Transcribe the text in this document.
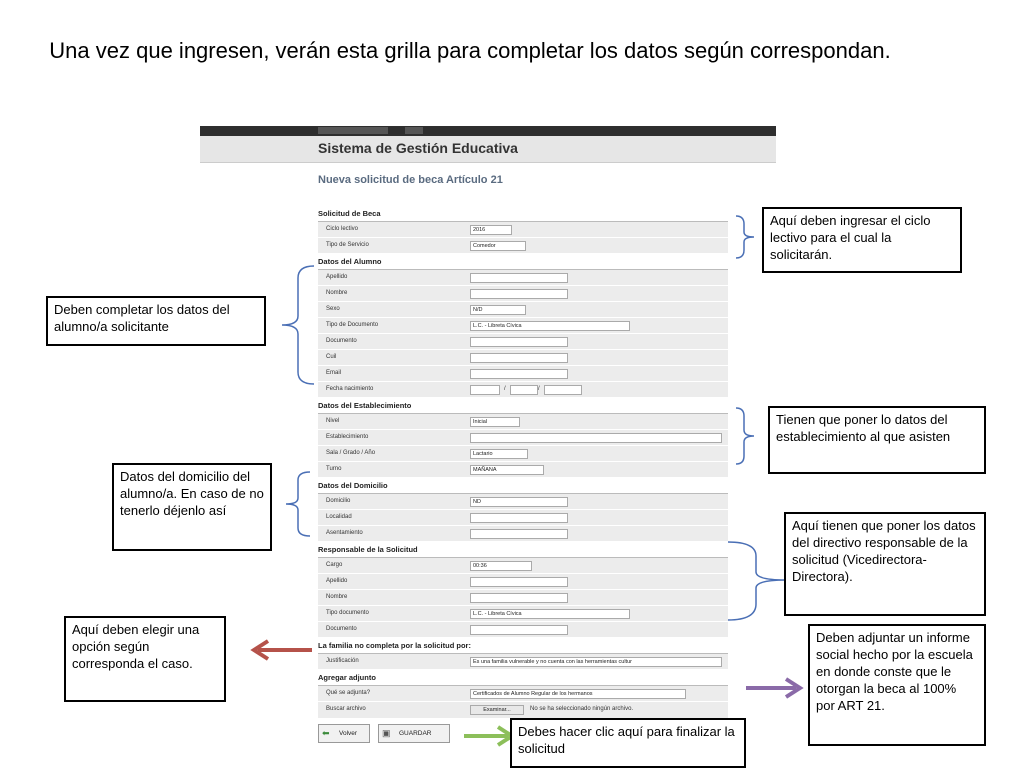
Una vez que ingresen, verán esta grilla para completar los datos según correspondan.
Sistema de Gestión Educativa
Nueva solicitud de beca Artículo 21
Solicitud de Beca
Ciclo lectivo	2016
Tipo de Servicio	Comedor
Datos del Alumno
Apellido
Nombre
Sexo	N/D
Tipo de Documento	L.C. - Libreta Cívica
Documento
Cuil
Email
Fecha nacimiento	/	/
Datos del Establecimiento
Nivel	Inicial
Establecimiento
Sala / Grado / Año	Lactario
Turno	MAÑANA
Datos del Domicilio
Domicilio	ND
Localidad
Asentamiento
Responsable de la Solicitud
Cargo	00:36
Apellido
Nombre
Tipo documento	L.C. - Libreta Cívica
Documento
La familia no completa por la solicitud por:
Justificación	Es una familia vulnerable y no cuenta con las herramientas cultur
Agregar adjunto
Qué se adjunta?	Certificados de Alumno Regular de los hermanos
Buscar archivo	Examinar...	No se ha seleccionado ningún archivo.
⬅ Volver	▣ GUARDAR
Aquí deben ingresar el ciclo lectivo para el cual la solicitarán.
Deben completar los datos del alumno/a solicitante
Tienen que poner lo datos del establecimiento al que asisten
Datos del domicilio del alumno/a. En caso de no tenerlo déjenlo así
Aquí tienen que poner los datos del directivo responsable de la solicitud (Vicedirectora- Directora).
Aquí deben elegir una opción según corresponda el caso.
Deben adjuntar un informe social hecho por la escuela en donde conste que le otorgan la beca al 100% por ART 21.
Debes hacer clic aquí para finalizar la solicitud
